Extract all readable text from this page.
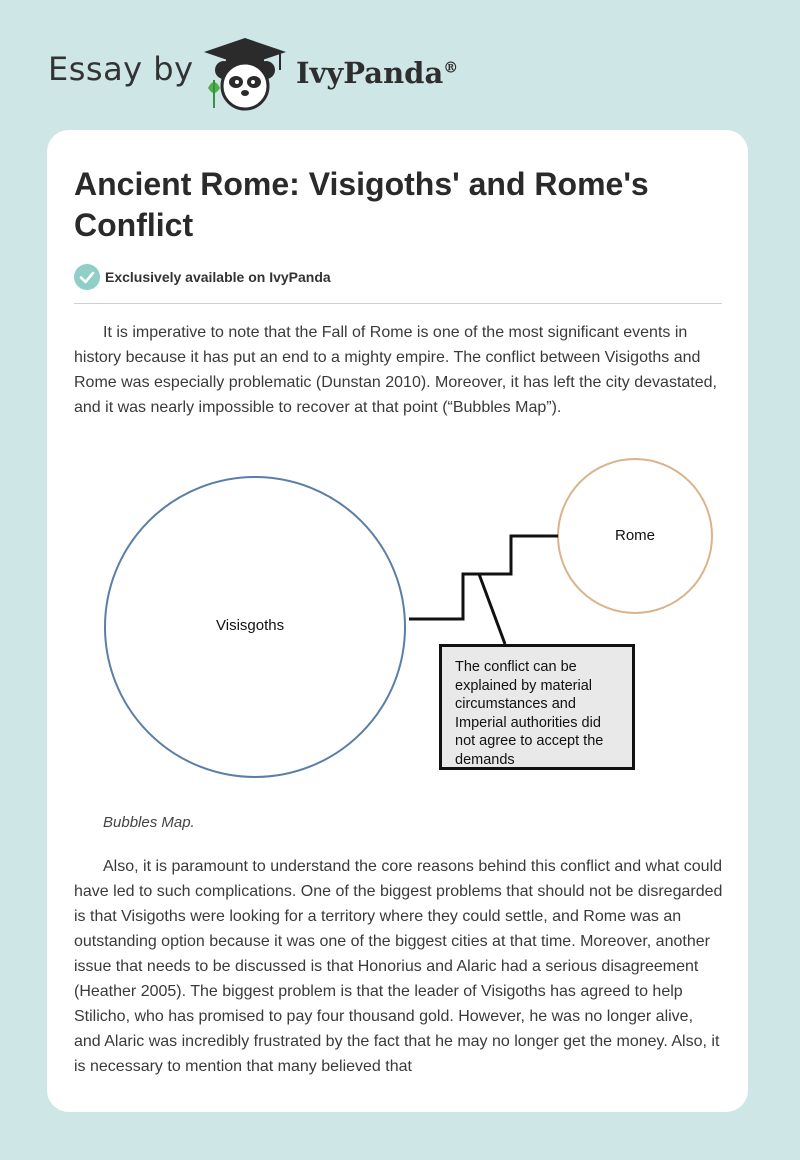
Essay by	IvyPanda®
Ancient Rome: Visigoths' and Rome's Conflict
Exclusively available on IvyPanda

It is imperative to note that the Fall of Rome is one of the most significant events in history because it has put an end to a mighty empire. The conflict between Visigoths and Rome was especially problematic (Dunstan 2010). Moreover, it has left the city devastated, and it was nearly impossible to recover at that point (“Bubbles Map”).

Visisgoths
Rome
The conflict can be explained by material circumstances and Imperial authorities did not agree to accept the demands

Bubbles Map.

Also, it is paramount to understand the core reasons behind this conflict and what could have led to such complications. One of the biggest problems that should not be disregarded is that Visigoths were looking for a territory where they could settle, and Rome was an outstanding option because it was one of the biggest cities at that time. Moreover, another issue that needs to be discussed is that Honorius and Alaric had a serious disagreement (Heather 2005). The biggest problem is that the leader of Visigoths has agreed to help Stilicho, who has promised to pay four thousand gold. However, he was no longer alive, and Alaric was incredibly frustrated by the fact that he may no longer get the money. Also, it is necessary to mention that many believed that
